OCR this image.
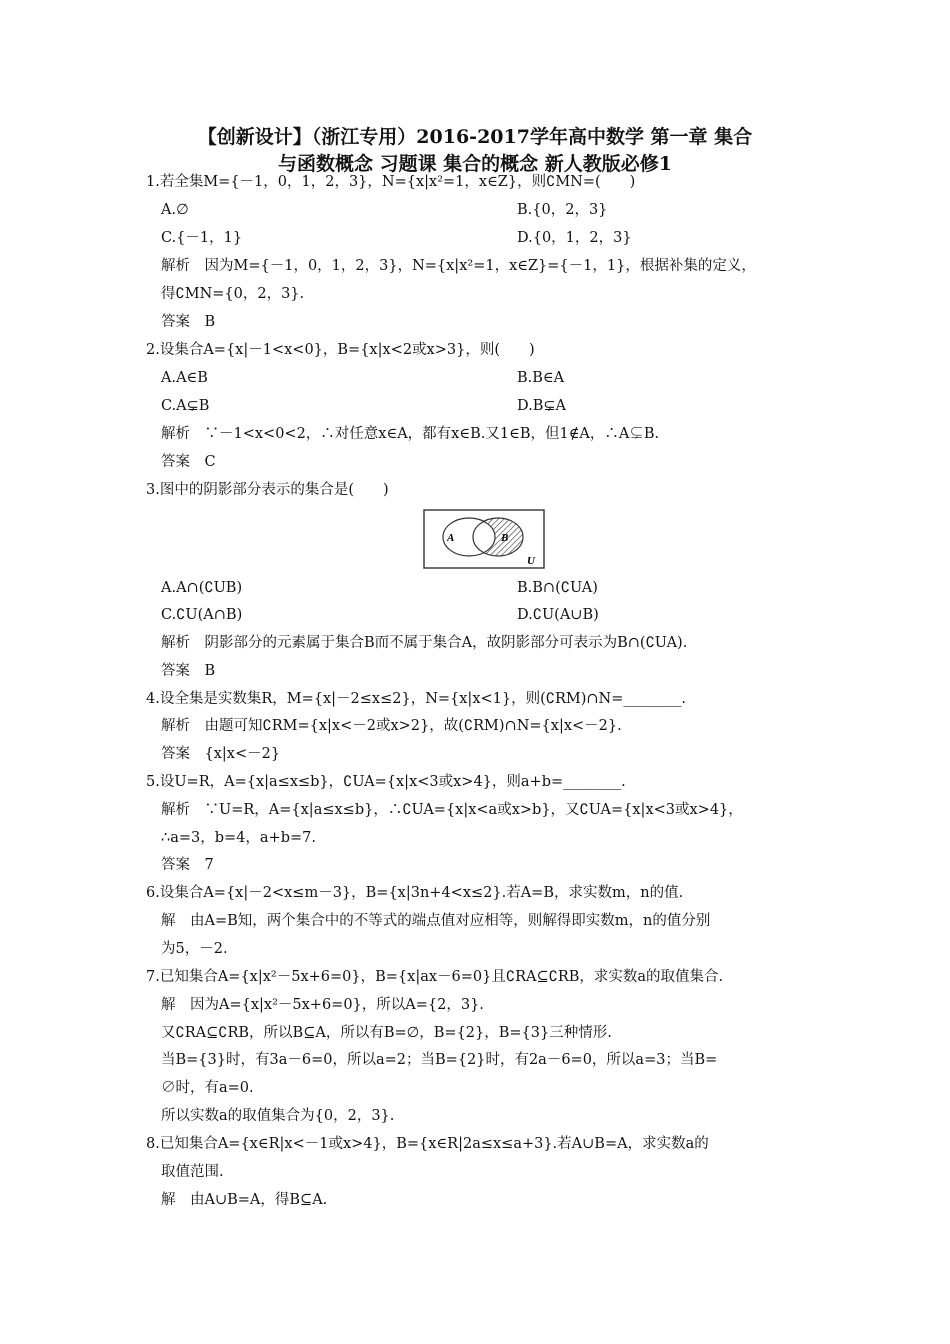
【创新设计】（浙江专用）2016-2017学年高中数学 第一章 集合
与函数概念 习题课 集合的概念 新人教版必修1
1.若全集M={－1，0，1，2，3}，N={x|x²=1，x∈Z}，则∁MN=(　　)
A.∅	B.{0，2，3}
C.{－1，1}	D.{0，1，2，3}
解析　因为M={－1，0，1，2，3}，N={x|x²=1，x∈Z}={－1，1}，根据补集的定义，
得∁MN={0，2，3}.
答案　B
2.设集合A={x|－1<x<0}，B={x|x<2或x>3}，则(　　)
A.A∈B	B.B∈A
C.A⊊B	D.B⊊A
解析　∵－1<x<0<2，∴对任意x∈A，都有x∈B.又1∈B，但1∉A，∴A⊊B.
答案　C
3.图中的阴影部分表示的集合是(　　)
A	B
U
A.A∩(∁UB)	B.B∩(∁UA)
C.∁U(A∩B)	D.∁U(A∪B)
解析　阴影部分的元素属于集合B而不属于集合A，故阴影部分可表示为B∩(∁UA).
答案　B
4.设全集是实数集R，M={x|－2≤x≤2}，N={x|x<1}，则(∁RM)∩N=________.
解析　由题可知∁RM={x|x<－2或x>2}，故(∁RM)∩N={x|x<－2}.
答案　{x|x<－2}
5.设U=R，A={x|a≤x≤b}，∁UA={x|x<3或x>4}，则a+b=________.
解析　∵U=R，A={x|a≤x≤b}，∴∁UA={x|x<a或x>b}，又∁UA={x|x<3或x>4}，
∴a=3，b=4，a+b=7.
答案　7
6.设集合A={x|－2<x≤m－3}，B={x|3n+4<x≤2}.若A=B，求实数m，n的值.
解　由A=B知，两个集合中的不等式的端点值对应相等，则解得即实数m，n的值分别
为5，－2.
7.已知集合A={x|x²－5x+6=0}，B={x|ax－6=0}且∁RA⊆∁RB，求实数a的取值集合.
解　因为A={x|x²－5x+6=0}，所以A={2，3}.
又∁RA⊆∁RB，所以B⊆A，所以有B=∅，B={2}，B={3}三种情形.
当B={3}时，有3a－6=0，所以a=2；当B={2}时，有2a－6=0，所以a=3；当B=
∅时，有a=0.
所以实数a的取值集合为{0，2，3}.
8.已知集合A={x∈R|x<－1或x>4}，B={x∈R|2a≤x≤a+3}.若A∪B=A，求实数a的
取值范围.
解　由A∪B=A，得B⊆A.
